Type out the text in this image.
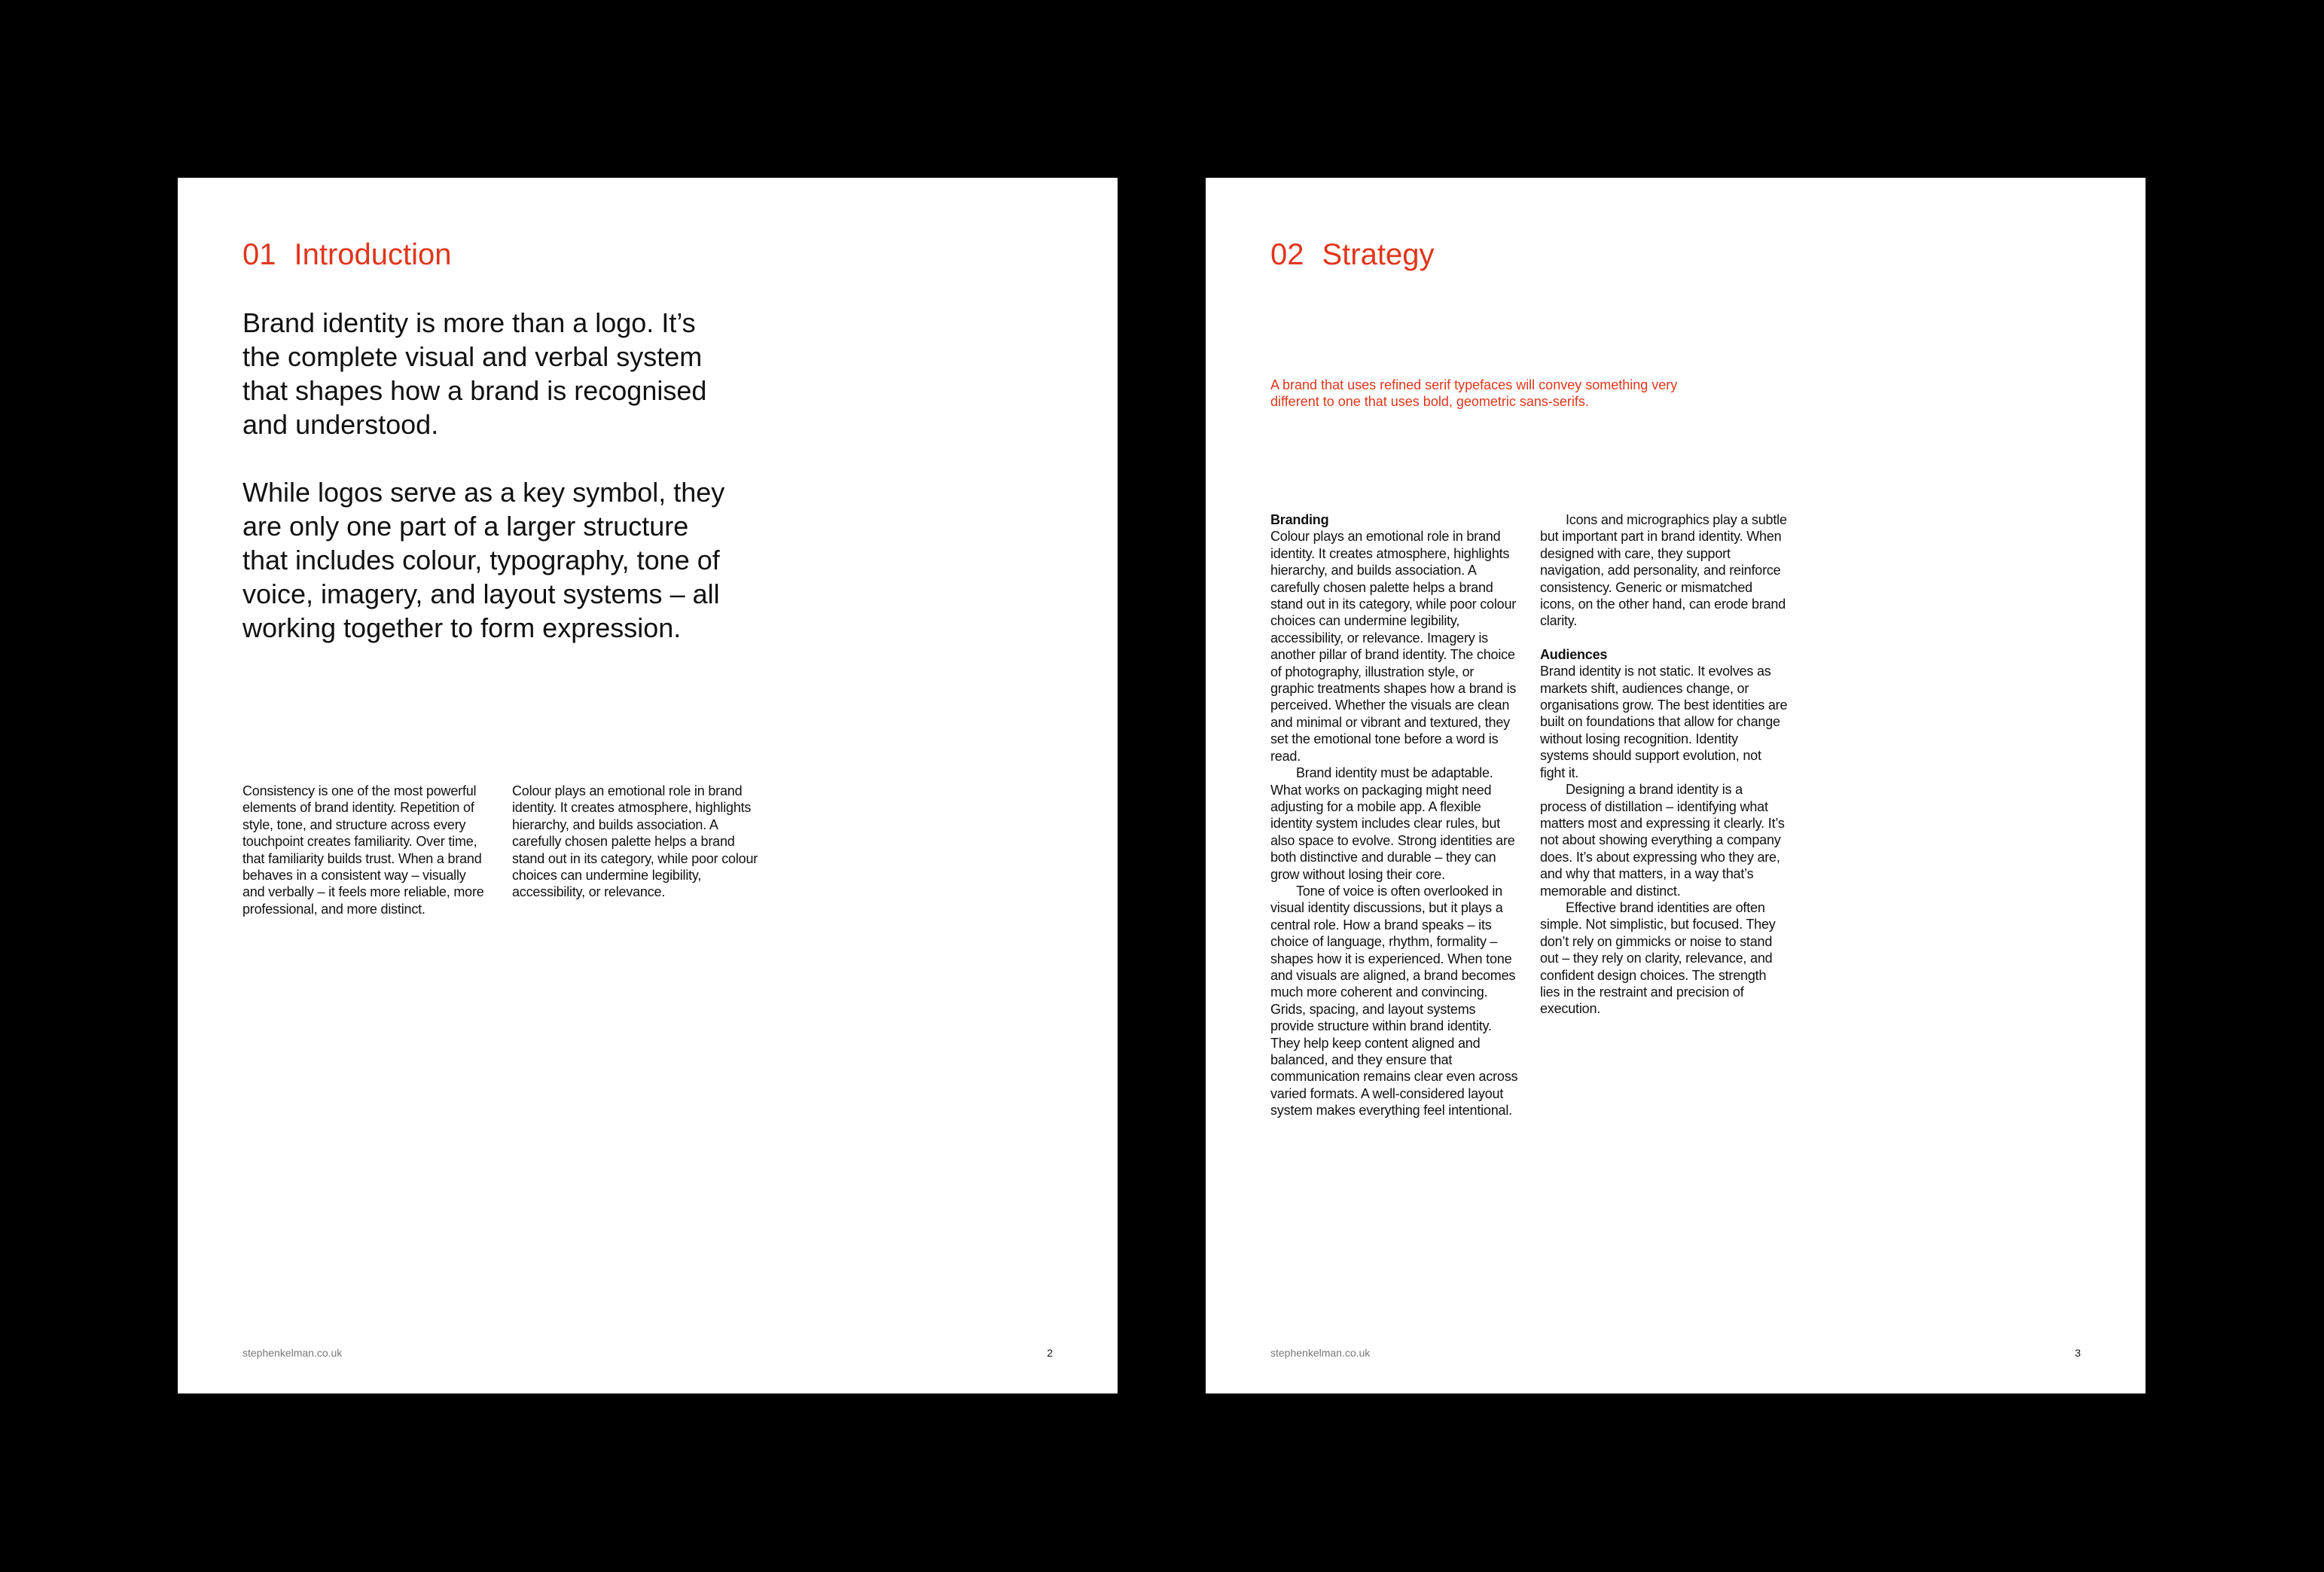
01 Introduction

Brand identity is more than a logo. It’s the complete visual and verbal system that shapes how a brand is recognised and understood.

While logos serve as a key symbol, they are only one part of a larger structure that includes colour, typography, tone of voice, imagery, and layout systems – all working together to form expression.

Consistency is one of the most powerful elements of brand identity. Repetition of style, tone, and structure across every touchpoint creates familiarity. Over time, that familiarity builds trust. When a brand behaves in a consistent way – visually and verbally – it feels more reliable, more professional, and more distinct.

Colour plays an emotional role in brand identity. It creates atmosphere, highlights hierarchy, and builds association. A carefully chosen palette helps a brand stand out in its category, while poor colour choices can undermine legibility, accessibility, or relevance.

stephenkelman.co.uk	2
02 Strategy

A brand that uses refined serif typefaces will convey something very different to one that uses bold, geometric sans-serifs.

Branding

Colour plays an emotional role in brand identity. It creates atmosphere, highlights hierarchy, and builds association. A carefully chosen palette helps a brand stand out in its category, while poor colour choices can undermine legibility, accessibility, or relevance. Imagery is another pillar of brand identity. The choice of photography, illustration style, or graphic treatments shapes how a brand is perceived. Whether the visuals are clean and minimal or vibrant and textured, they set the emotional tone before a word is read.

Brand identity must be adaptable. What works on packaging might need adjusting for a mobile app. A flexible identity system includes clear rules, but also space to evolve. Strong identities are both distinctive and durable – they can grow without losing their core.

Tone of voice is often overlooked in visual identity discussions, but it plays a central role. How a brand speaks – its choice of language, rhythm, formality – shapes how it is experienced. When tone and visuals are aligned, a brand becomes much more coherent and convincing. Grids, spacing, and layout systems provide structure within brand identity. They help keep content aligned and balanced, and they ensure that communication remains clear even across varied formats. A well-considered layout system makes everything feel intentional.

Icons and micrographics play a subtle but important part in brand identity. When designed with care, they support navigation, add personality, and reinforce consistency. Generic or mismatched icons, on the other hand, can erode brand clarity.

Audiences

Brand identity is not static. It evolves as markets shift, audiences change, or organisations grow. The best identities are built on foundations that allow for change without losing recognition. Identity systems should support evolution, not fight it.

Designing a brand identity is a process of distillation – identifying what matters most and expressing it clearly. It’s not about showing everything a company does. It’s about expressing who they are, and why that matters, in a way that’s memorable and distinct.

Effective brand identities are often simple. Not simplistic, but focused. They don’t rely on gimmicks or noise to stand out – they rely on clarity, relevance, and confident design choices. The strength lies in the restraint and precision of execution.

stephenkelman.co.uk	3
